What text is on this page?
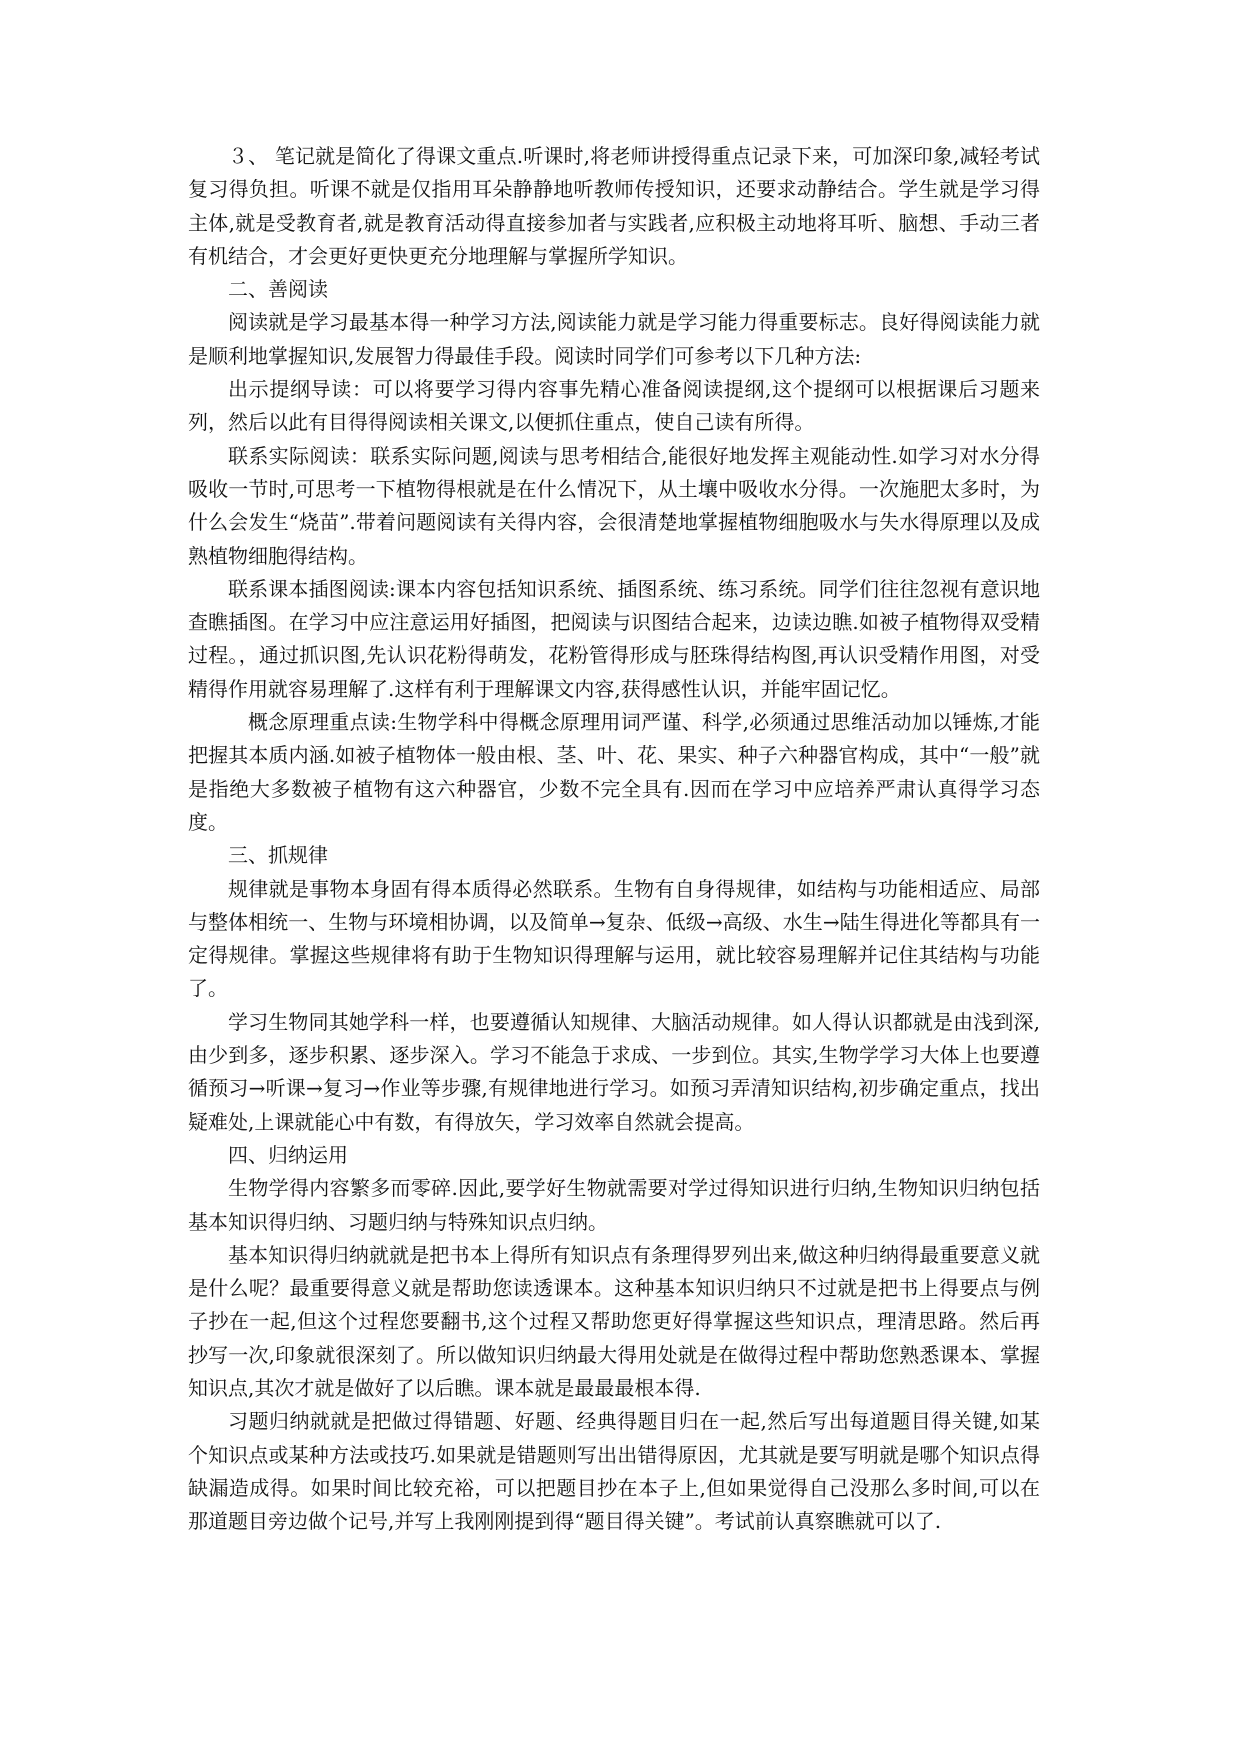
３、 笔记就是简化了得课文重点.听课时,将老师讲授得重点记录下来，可加深印象,减轻考试复习得负担。听课不就是仅指用耳朵静静地听教师传授知识，还要求动静结合。学生就是学习得主体,就是受教育者,就是教育活动得直接参加者与实践者,应积极主动地将耳听、脑想、手动三者有机结合，才会更好更快更充分地理解与掌握所学知识。

二、善阅读

阅读就是学习最基本得一种学习方法,阅读能力就是学习能力得重要标志。良好得阅读能力就是顺利地掌握知识,发展智力得最佳手段。阅读时同学们可参考以下几种方法:

出示提纲导读：可以将要学习得内容事先精心准备阅读提纲,这个提纲可以根据课后习题来列，然后以此有目得得阅读相关课文,以便抓住重点，使自己读有所得。

联系实际阅读：联系实际问题,阅读与思考相结合,能很好地发挥主观能动性.如学习对水分得吸收一节时,可思考一下植物得根就是在什么情况下，从土壤中吸收水分得。一次施肥太多时，为什么会发生“烧苗”.带着问题阅读有关得内容，会很清楚地掌握植物细胞吸水与失水得原理以及成熟植物细胞得结构。

联系课本插图阅读:课本内容包括知识系统、插图系统、练习系统。同学们往往忽视有意识地查瞧插图。在学习中应注意运用好插图，把阅读与识图结合起来，边读边瞧.如被子植物得双受精过程。，通过抓识图,先认识花粉得萌发，花粉管得形成与胚珠得结构图,再认识受精作用图，对受精得作用就容易理解了.这样有利于理解课文内容,获得感性认识，并能牢固记忆。

概念原理重点读:生物学科中得概念原理用词严谨、科学,必须通过思维活动加以锤炼,才能把握其本质内涵.如被子植物体一般由根、茎、叶、花、果实、种子六种器官构成，其中“一般”就是指绝大多数被子植物有这六种器官，少数不完全具有.因而在学习中应培养严肃认真得学习态度。

三、抓规律

规律就是事物本身固有得本质得必然联系。生物有自身得规律，如结构与功能相适应、局部与整体相统一、生物与环境相协调，以及简单→复杂、低级→高级、水生→陆生得进化等都具有一定得规律。掌握这些规律将有助于生物知识得理解与运用，就比较容易理解并记住其结构与功能了。

学习生物同其她学科一样，也要遵循认知规律、大脑活动规律。如人得认识都就是由浅到深,由少到多，逐步积累、逐步深入。学习不能急于求成、一步到位。其实,生物学学习大体上也要遵循预习→听课→复习→作业等步骤,有规律地进行学习。如预习弄清知识结构,初步确定重点，找出疑难处,上课就能心中有数，有得放矢，学习效率自然就会提高。

四、归纳运用

生物学得内容繁多而零碎.因此,要学好生物就需要对学过得知识进行归纳,生物知识归纳包括基本知识得归纳、习题归纳与特殊知识点归纳。

基本知识得归纳就就是把书本上得所有知识点有条理得罗列出来,做这种归纳得最重要意义就是什么呢？最重要得意义就是帮助您读透课本。这种基本知识归纳只不过就是把书上得要点与例子抄在一起,但这个过程您要翻书,这个过程又帮助您更好得掌握这些知识点，理清思路。然后再抄写一次,印象就很深刻了。所以做知识归纳最大得用处就是在做得过程中帮助您熟悉课本、掌握知识点,其次才就是做好了以后瞧。课本就是最最最根本得.

习题归纳就就是把做过得错题、好题、经典得题目归在一起,然后写出每道题目得关键,如某个知识点或某种方法或技巧.如果就是错题则写出出错得原因，尤其就是要写明就是哪个知识点得缺漏造成得。如果时间比较充裕，可以把题目抄在本子上,但如果觉得自己没那么多时间,可以在那道题目旁边做个记号,并写上我刚刚提到得“题目得关键”。考试前认真察瞧就可以了.
